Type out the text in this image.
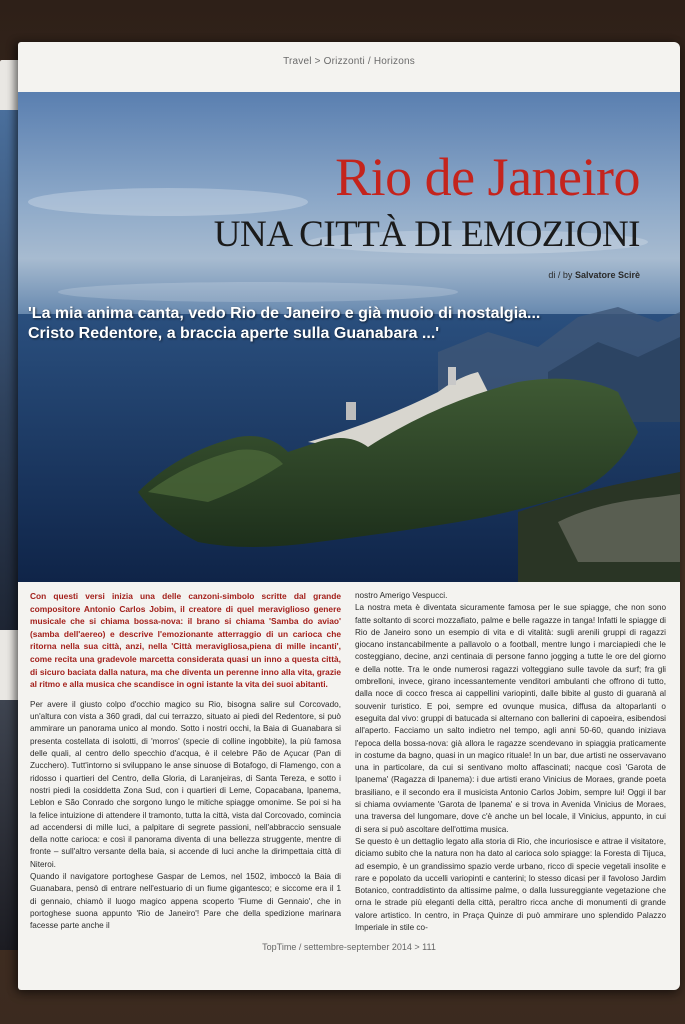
Travel > Orizzonti / Horizons
Rio de Janeiro
UNA CITTÀ DI EMOZIONI
di / by Salvatore Scirè
'La mia anima canta, vedo Rio de Janeiro e già muoio di nostalgia...
Cristo Redentore, a braccia aperte sulla Guanabara ...'

Con questi versi inizia una delle canzoni-simbolo scritte dal grande compositore Antonio Carlos Jobim, il creatore di quel meraviglioso genere musicale che si chiama bossa-nova: il brano si chiama 'Samba do aviao' (samba dell'aereo) e descrive l'emozionante atterraggio di un carioca che ritorna nella sua città, anzi, nella 'Città meravigliosa,piena di mille incanti', come recita una gradevole marcetta considerata quasi un inno a questa città, di sicuro baciata dalla natura, ma che diventa un perenne inno alla vita, grazie al ritmo e alla musica che scandisce in ogni istante la vita dei suoi abitanti.

Per avere il giusto colpo d'occhio magico su Rio, bisogna salire sul Corcovado, un'altura con vista a 360 gradi, dal cui terrazzo, situato ai piedi del Redentore, si può ammirare un panorama unico al mondo. Sotto i nostri occhi, la Baia di Guanabara si presenta costellata di isolotti, di 'morros' (specie di colline ingobbite), la più famosa delle quali, al centro dello specchio d'acqua, è il celebre Pão de Açucar (Pan di Zucchero). Tutt'intorno si sviluppano le anse sinuose di Botafogo, di Flamengo, con a ridosso i quartieri del Centro, della Gloria, di Laranjeiras, di Santa Tereza, e sotto i nostri piedi la cosiddetta Zona Sud, con i quartieri di Leme, Copacabana, Ipanema, Leblon e São Conrado che sorgono lungo le mitiche spiagge omonime. Se poi si ha la felice intuizione di attendere il tramonto, tutta la città, vista dal Corcovado, comincia ad accendersi di mille luci, a palpitare di segrete passioni, nell'abbraccio sensuale della notte carioca: e così il panorama diventa di una bellezza struggente, mentre di fronte – sull'altro versante della baia, si accende di luci anche la dirimpettaia città di Niteroi.

Quando il navigatore portoghese Gaspar de Lemos, nel 1502, imboccò la Baia di Guanabara, pensò di entrare nell'estuario di un fiume gigantesco; e siccome era il 1 di gennaio, chiamò il luogo magico appena scoperto 'Fiume di Gennaio', che in portoghese suona appunto 'Rio de Janeiro'! Pare che della spedizione marinara facesse parte anche il

nostro Amerigo Vespucci.

La nostra meta è diventata sicuramente famosa per le sue spiagge, che non sono fatte soltanto di scorci mozzafiato, palme e belle ragazze in tanga! Infatti le spiagge di Rio de Janeiro sono un esempio di vita e di vitalità: sugli arenili gruppi di ragazzi giocano instancabilmente a pallavolo o a football, mentre lungo i marciapiedi che le costeggiano, decine, anzi centinaia di persone fanno jogging a tutte le ore del giorno e della notte. Tra le onde numerosi ragazzi volteggiano sulle tavole da surf; fra gli ombrelloni, invece, girano incessantemente venditori ambulanti che offrono di tutto, dalla noce di cocco fresca ai cappellini variopinti, dalle bibite al gusto di guaranà al souvenir turistico. E poi, sempre ed ovunque musica, diffusa da altoparlanti o eseguita dal vivo: gruppi di batucada si alternano con ballerini di capoeira, esibendosi all'aperto. Facciamo un salto indietro nel tempo, agli anni 50-60, quando iniziava l'epoca della bossa-nova: già allora le ragazze scendevano in spiaggia praticamente in costume da bagno, quasi in un magico rituale! In un bar, due artisti ne osservavano una in particolare, da cui si sentivano molto affascinati; nacque così 'Garota de Ipanema' (Ragazza di Ipanema): i due artisti erano Vinicius de Moraes, grande poeta brasiliano, e il secondo era il musicista Antonio Carlos Jobim, sempre lui! Oggi il bar si chiama ovviamente 'Garota de Ipanema' e si trova in Avenida Vinicius de Moraes, una traversa del lungomare, dove c'è anche un bel locale, il Vinicius, appunto, in cui di sera si può ascoltare dell'ottima musica.

Se questo è un dettaglio legato alla storia di Rio, che incuriosisce e attrae il visitatore, diciamo subito che la natura non ha dato al carioca solo spiagge: la Foresta di Tijuca, ad esempio, è un grandissimo spazio verde urbano, ricco di specie vegetali insolite e rare e popolato da uccelli variopinti e canterini; lo stesso dicasi per il favoloso Jardim Botanico, contraddistinto da altissime palme, o dalla lussureggiante vegetazione che orna le strade più eleganti della città, peraltro ricca anche di monumenti di grande valore artistico. In centro, in Praça Quinze di può ammirare uno splendido Palazzo Imperiale in stile co-

TopTime / settembre-september 2014 > 111
